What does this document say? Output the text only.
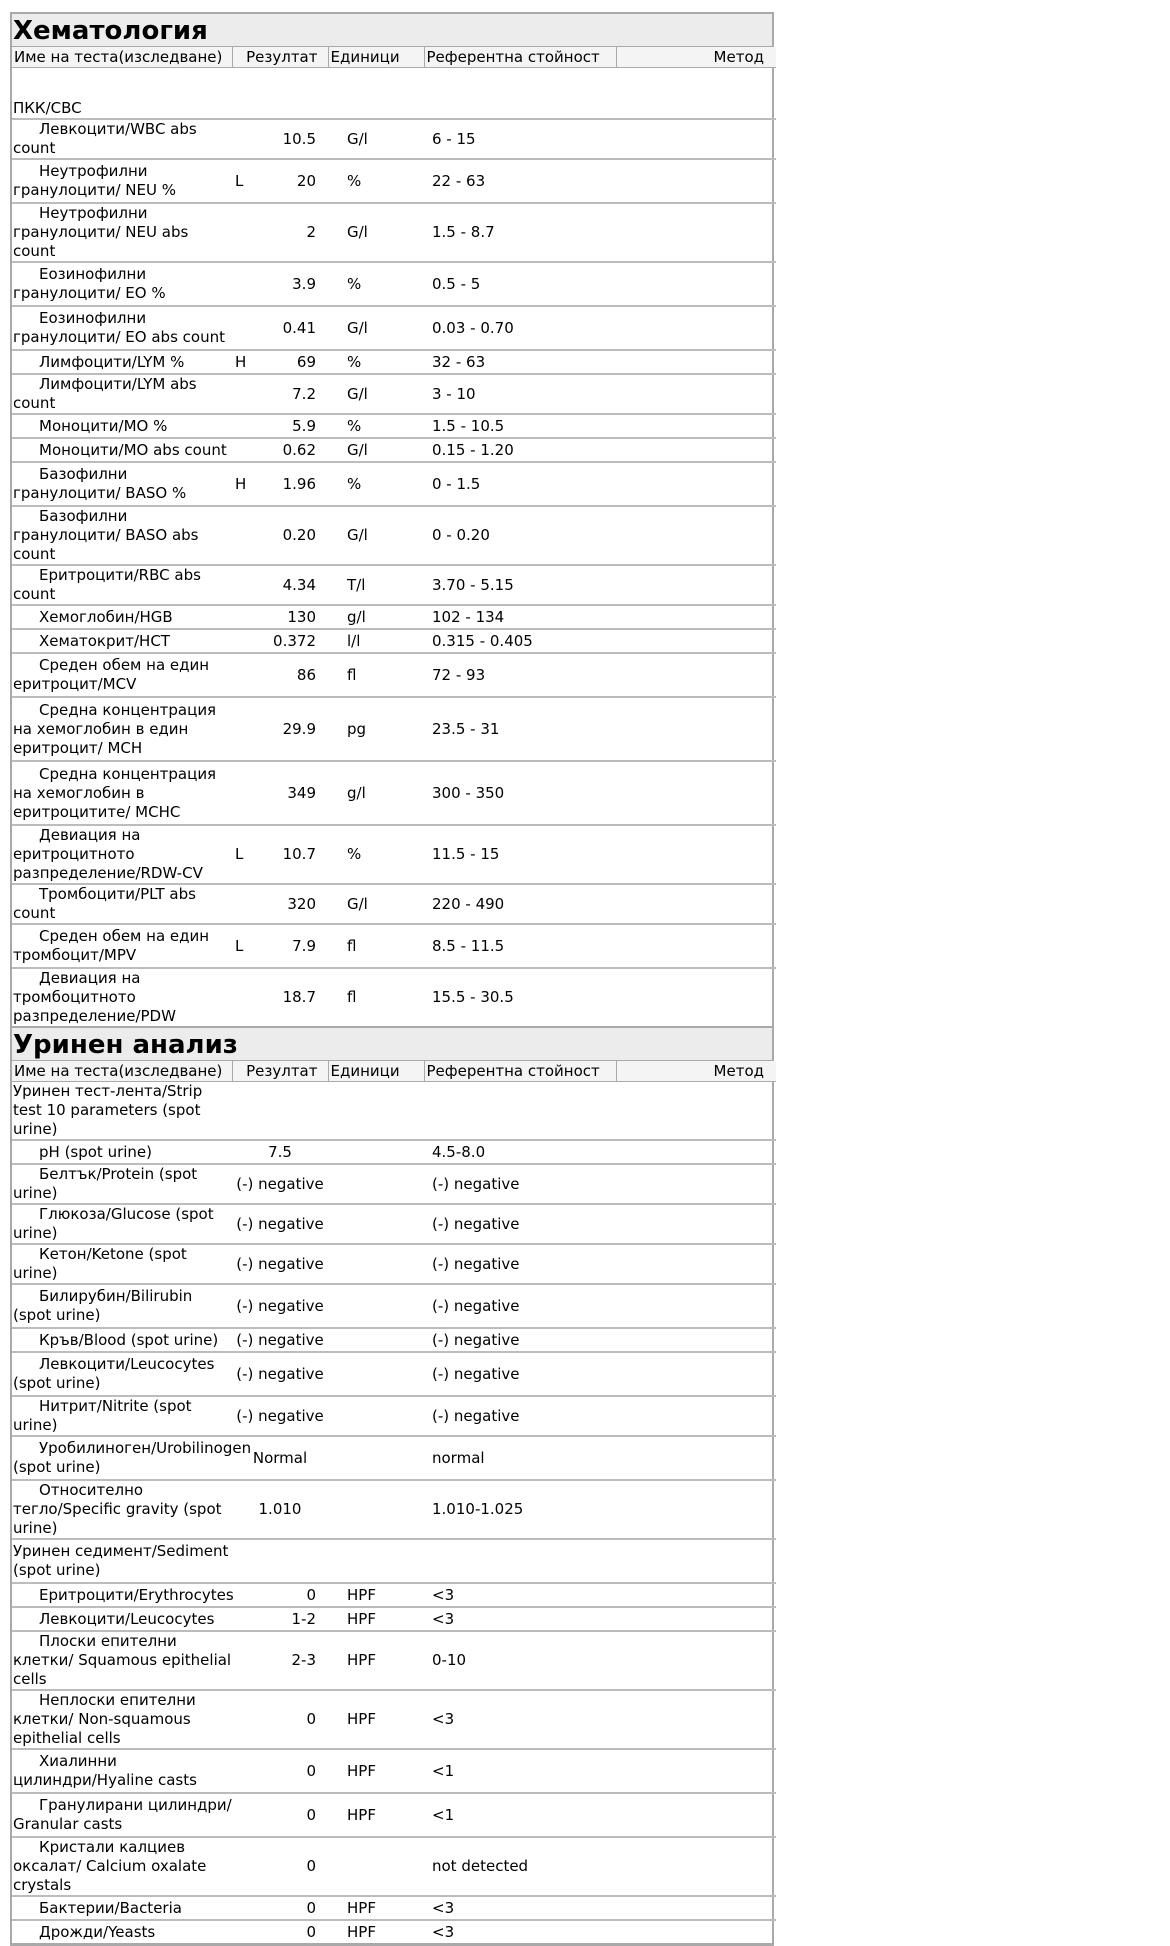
Хематология
Име на теста(изследване)	Резултат	Единици	Референтна стойност	Метод
ПКК/CBC				
Левкоцити/WBC abs count	10.5	G/l	6 - 15	
Неутрофилни гранулоцити/ NEU %	L 20	%	22 - 63	
Неутрофилни гранулоцити/ NEU abs count	2	G/l	1.5 - 8.7	
Еозинофилни гранулоцити/ EO %	3.9	%	0.5 - 5	
Еозинофилни гранулоцити/ EO abs count	0.41	G/l	0.03 - 0.70	
Лимфоцити/LYM %	H 69	%	32 - 63	
Лимфоцити/LYM abs count	7.2	G/l	3 - 10	
Моноцити/MO %	5.9	%	1.5 - 10.5	
Моноцити/MO abs count	0.62	G/l	0.15 - 1.20	
Базофилни гранулоцити/ BASO %	H 1.96	%	0 - 1.5	
Базофилни гранулоцити/ BASO abs count	0.20	G/l	0 - 0.20	
Еритроцити/RBC abs count	4.34	T/l	3.70 - 5.15	
Хемоглобин/HGB	130	g/l	102 - 134	
Хематокрит/HCT	0.372	l/l	0.315 - 0.405	
Среден обем на един еритроцит/MCV	86	fl	72 - 93	
Средна концентрация на хемоглобин в един еритроцит/ MCH	29.9	pg	23.5 - 31	
Средна концентрация на хемоглобин в еритроцитите/ MCHC	349	g/l	300 - 350	
Девиация на еритроцитното разпределение/RDW-CV	L 10.7	%	11.5 - 15	
Тромбоцити/PLT abs count	320	G/l	220 - 490	
Среден обем на един тромбоцит/MPV	L 7.9	fl	8.5 - 11.5	
Девиация на тромбоцитното разпределение/PDW	18.7	fl	15.5 - 30.5	
Уринен анализ
Име на теста(изследване)	Резултат	Единици	Референтна стойност	Метод
Уринен тест-лента/Strip test 10 parameters (spot urine)				
pH (spot urine)	7.5		4.5-8.0	
Белтък/Protein (spot urine)	(-) negative		(-) negative	
Глюкоза/Glucose (spot urine)	(-) negative		(-) negative	
Кетон/Ketone (spot urine)	(-) negative		(-) negative	
Билирубин/Bilirubin (spot urine)	(-) negative		(-) negative	
Кръв/Blood (spot urine)	(-) negative		(-) negative	
Левкоцити/Leucocytes (spot urine)	(-) negative		(-) negative	
Нитрит/Nitrite (spot urine)	(-) negative		(-) negative	
Уробилиноген/Urobilinogen (spot urine)	Normal		normal	
Относително тегло/Specific gravity (spot urine)	1.010		1.010-1.025	
Уринен седимент/Sediment (spot urine)				
Еритроцити/Erythrocytes	0	HPF	<3	
Левкоцити/Leucocytes	1-2	HPF	<3	
Плоски епителни клетки/ Squamous epithelial cells	2-3	HPF	0-10	
Неплоски епителни клетки/ Non-squamous epithelial cells	0	HPF	<3	
Хиалинни цилиндри/Hyaline casts	0	HPF	<1	
Гранулирани цилиндри/ Granular casts	0	HPF	<1	
Кристали калциев оксалат/ Calcium oxalate crystals	0		not detected	
Бактерии/Bacteria	0	HPF	<3	
Дрожди/Yeasts	0	HPF	<3	
